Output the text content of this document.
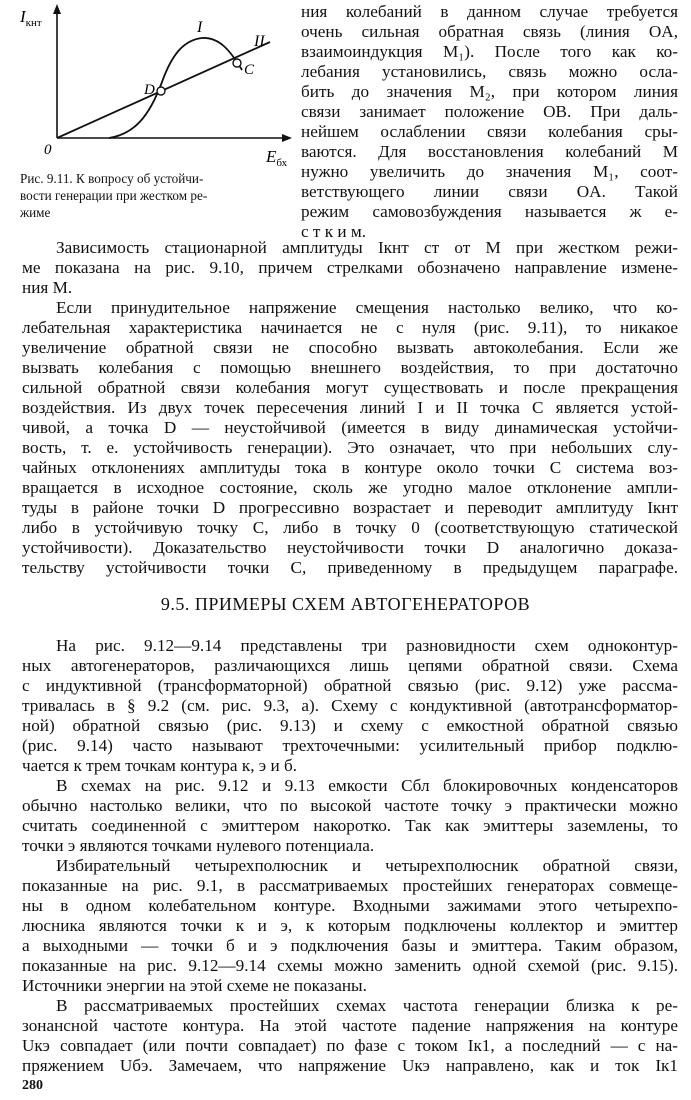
$I_{кнт}$
$E_{бх}$
0
I
II
D
C
Рис. 9.11. К вопросу об устойчи-
вости генерации при жестком ре-
жиме
ния колебаний в данном случае требуется
очень сильная обратная связь (линия OA,
взаимоиндукция M₁). После того как ко-
лебания установились, связь можно осла-
бить до значения M₂, при котором линия
связи занимает положение OB. При даль-
нейшем ослаблении связи колебания сры-
ваются. Для восстановления колебаний M
нужно увеличить до значения M₁, соот-
ветствующего линии связи OA. Такой
режим самовозбуждения называется ж е-
с т к и м.
Зависимость стационарной амплитуды Iкнт ст от M при жестком режи-
ме показана на рис. 9.10, причем стрелками обозначено направление измене-
ния M.
Если принудительное напряжение смещения настолько велико, что ко-
лебательная характеристика начинается не с нуля (рис. 9.11), то никакое
увеличение обратной связи не способно вызвать автоколебания. Если же
вызвать колебания с помощью внешнего воздействия, то при достаточно
сильной обратной связи колебания могут существовать и после прекращения
воздействия. Из двух точек пересечения линий I и II точка C является устой-
чивой, а точка D — неустойчивой (имеется в виду динамическая устойчи-
вость, т. е. устойчивость генерации). Это означает, что при небольших слу-
чайных отклонениях амплитуды тока в контуре около точки C система воз-
вращается в исходное состояние, сколь же угодно малое отклонение ампли-
туды в районе точки D прогрессивно возрастает и переводит амплитуду Iкнт
либо в устойчивую точку C, либо в точку 0 (соответствующую статической
устойчивости). Доказательство неустойчивости точки D аналогично доказа-
тельству устойчивости точки C, приведенному в предыдущем параграфе.
9.5. ПРИМЕРЫ СХЕМ АВТОГЕНЕРАТОРОВ
На рис. 9.12—9.14 представлены три разновидности схем одноконтур-
ных автогенераторов, различающихся лишь цепями обратной связи. Схема
с индуктивной (трансформаторной) обратной связью (рис. 9.12) уже рассма-
тривалась в § 9.2 (см. рис. 9.3, а). Схему с кондуктивной (автотрансформатор-
ной) обратной связью (рис. 9.13) и схему с емкостной обратной связью
(рис. 9.14) часто называют трехточечными: усилительный прибор подклю-
чается к трем точкам контура к, э и б.
В схемах на рис. 9.12 и 9.13 емкости Cбл блокировочных конденсаторов
обычно настолько велики, что по высокой частоте точку э практически можно
считать соединенной с эмиттером накоротко. Так как эмиттеры заземлены, то
точки э являются точками нулевого потенциала.
Избирательный четырехполюсник и четырехполюсник обратной связи,
показанные на рис. 9.1, в рассматриваемых простейших генераторах совмеще-
ны в одном колебательном контуре. Входными зажимами этого четырехпо-
люсника являются точки к и э, к которым подключены коллектор и эмиттер
а выходными — точки б и э подключения базы и эмиттера. Таким образом,
показанные на рис. 9.12—9.14 схемы можно заменить одной схемой (рис. 9.15).
Источники энергии на этой схеме не показаны.
В рассматриваемых простейших схемах частота генерации близка к ре-
зонансной частоте контура. На этой частоте падение напряжения на контуре
Uкэ совпадает (или почти совпадает) по фазе с током Iк1, а последний — с на-
пряжением Uбэ. Замечаем, что напряжение Uкэ направлено, как и ток Iк1
280
